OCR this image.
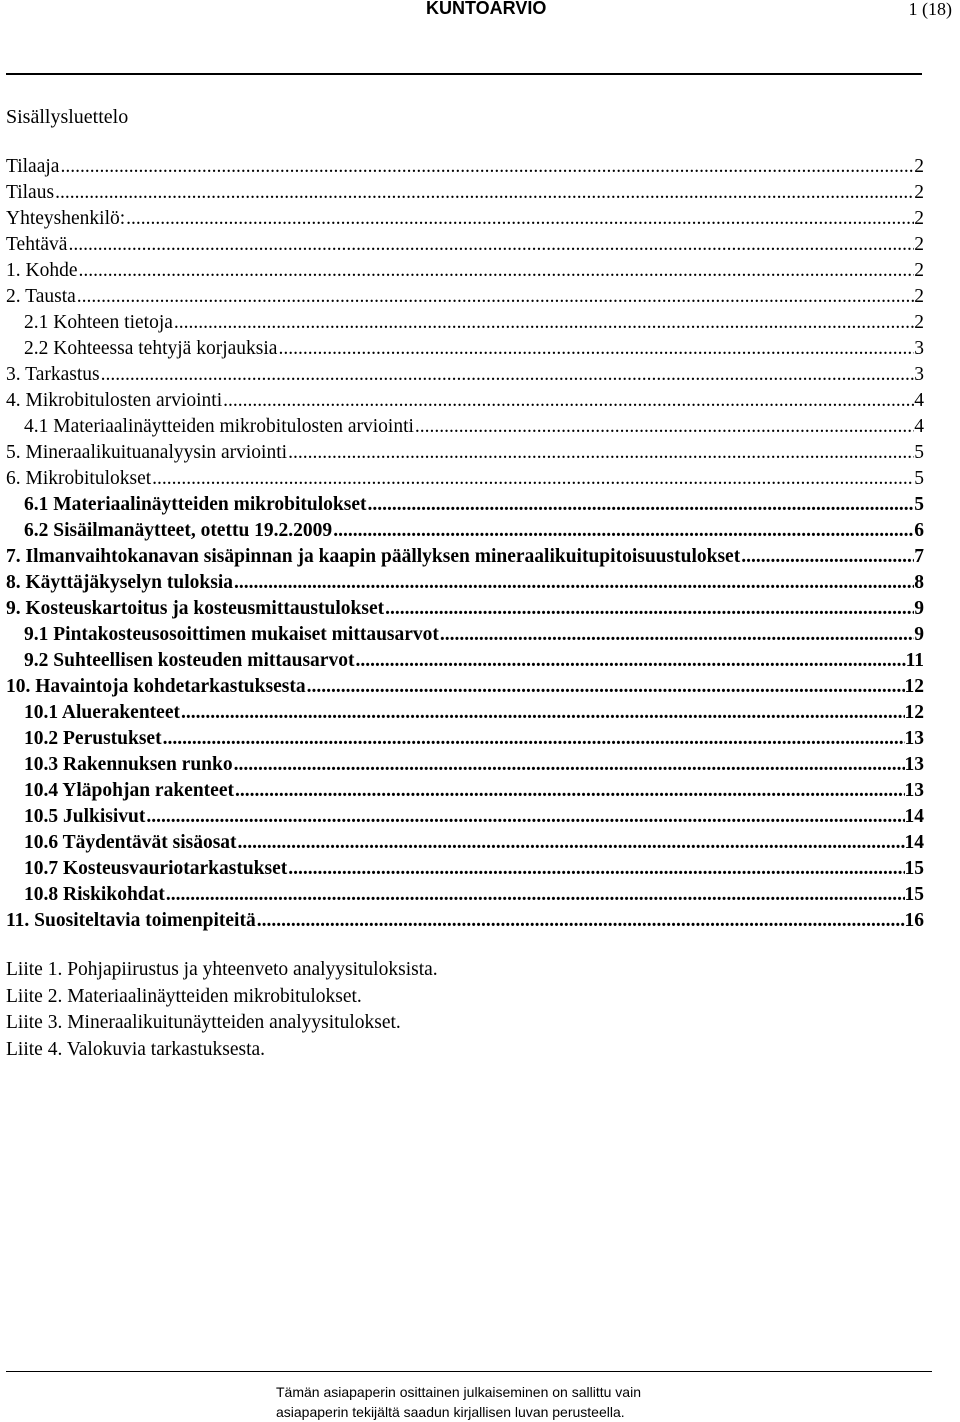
KUNTOARVIO	1 (18)
Sisällysluettelo
Tilaaja .....	2
Tilaus .....	2
Yhteyshenkilö: .....	2
Tehtävä .....	2
1. Kohde .....	2
2. Tausta .....	2
2.1 Kohteen tietoja .....	2
2.2 Kohteessa tehtyjä korjauksia .....	3
3. Tarkastus .....	3
4. Mikrobitulosten arviointi .....	4
4.1 Materiaalinäytteiden mikrobitulosten arviointi .....	4
5. Mineraalikuituanalyysin arviointi .....	5
6. Mikrobitulokset .....	5
6.1 Materiaalinäytteiden mikrobitulokset .....	5
6.2 Sisäilmanäytteet, otettu 19.2.2009 .....	6
7. Ilmanvaihtokanavan sisäpinnan ja kaapin päällyksen mineraalikuitupitoisuustulokset .....	7
8. Käyttäjäkyselyn tuloksia .....	8
9. Kosteuskartoitus ja kosteusmittaustulokset .....	9
9.1 Pintakosteusosoittimen mukaiset mittausarvot .....	9
9.2 Suhteellisen kosteuden mittausarvot .....	11
10. Havaintoja kohdetarkastuksesta .....	12
10.1 Aluerakenteet .....	12
10.2 Perustukset .....	13
10.3 Rakennuksen runko .....	13
10.4 Yläpohjan rakenteet .....	13
10.5 Julkisivut .....	14
10.6 Täydentävät sisäosat .....	14
10.7 Kosteusvauriotarkastukset .....	15
10.8 Riskikohdat .....	15
11. Suositeltavia toimenpiteitä .....	16
Liite 1. Pohjapiirustus ja yhteenveto analyysituloksista.
Liite 2. Materiaalinäytteiden mikrobitulokset.
Liite 3. Mineraalikuitunäytteiden analyysitulokset.
Liite 4. Valokuvia tarkastuksesta.
Tämän asiapaperin osittainen julkaiseminen on sallittu vain
asiapaperin tekijältä saadun kirjallisen luvan perusteella.
